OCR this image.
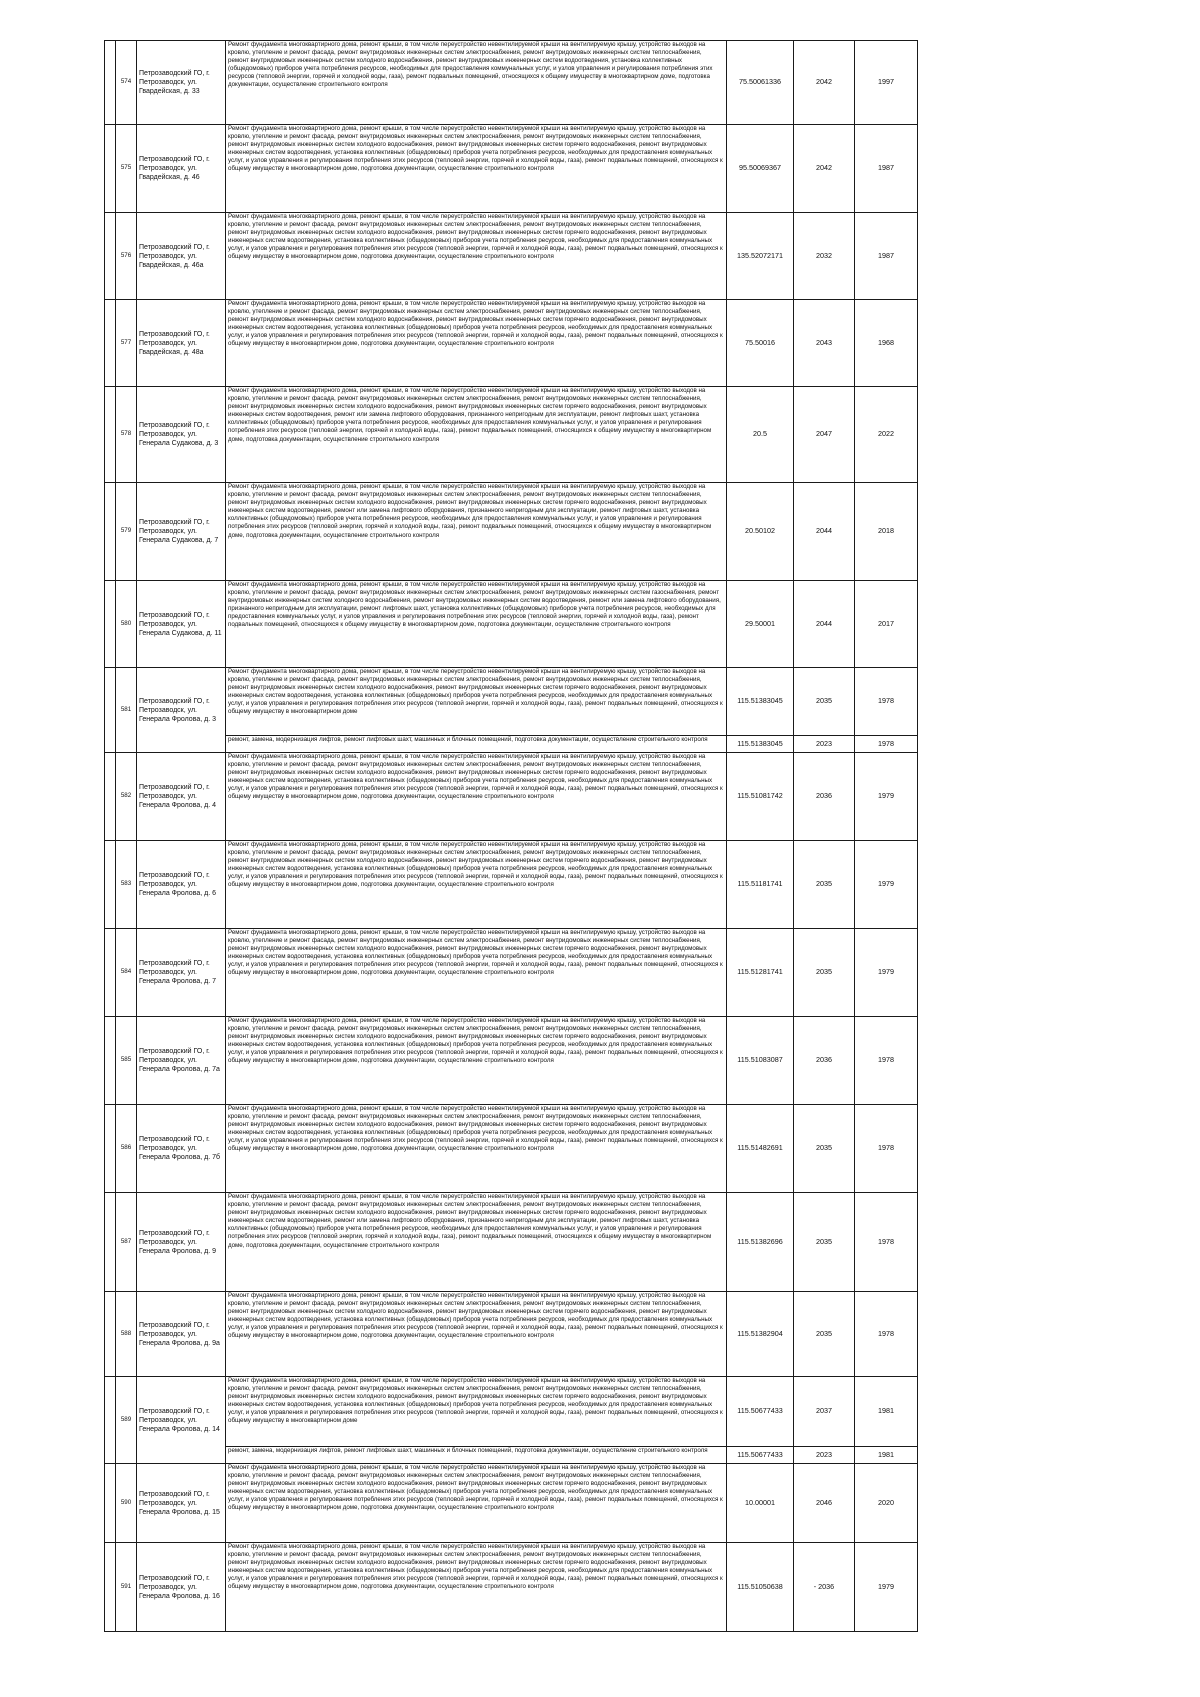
	574	Петрозаводский ГО, г. Петрозаводск, ул. Гвардейская, д. 33	Ремонт фундамента многоквартирного дома, ремонт крыши, в том числе переустройство невентилируемой крыши на вентилируемую крышу, устройство выходов на кровлю, утепление и ремонт фасада, ремонт внутридомовых инженерных систем электроснабжения, ремонт внутридомовых инженерных систем теплоснабжения, ремонт внутридомовых инженерных систем холодного водоснабжения, ремонт внутридомовых инженерных систем водоотведения, установка коллективных (общедомовых) приборов учета потребления ресурсов, необходимых для предоставления коммунальных услуг, и узлов управления и регулирования потребления этих ресурсов (тепловой энергии, горячей и холодной воды, газа), ремонт подвальных помещений, относящихся к общему имуществу в многоквартирном доме, подготовка документации, осуществление строительного контроля	75.50061336	2042	1997
	575	Петрозаводский ГО, г. Петрозаводск, ул. Гвардейская, д. 46	Ремонт фундамента многоквартирного дома, ремонт крыши, в том числе переустройство невентилируемой крыши на вентилируемую крышу, устройство выходов на кровлю, утепление и ремонт фасада, ремонт внутридомовых инженерных систем электроснабжения, ремонт внутридомовых инженерных систем теплоснабжения, ремонт внутридомовых инженерных систем холодного водоснабжения, ремонт внутридомовых инженерных систем горячего водоснабжения, ремонт внутридомовых инженерных систем водоотведения, установка коллективных (общедомовых) приборов учета потребления ресурсов, необходимых для предоставления коммунальных услуг, и узлов управления и регулирования потребления этих ресурсов (тепловой энергии, горячей и холодной воды, газа), ремонт подвальных помещений, относящихся к общему имуществу в многоквартирном доме, подготовка документации, осуществление строительного контроля	95.50069367	2042	1987
	576	Петрозаводский ГО, г. Петрозаводск, ул. Гвардейская, д. 46а	Ремонт фундамента многоквартирного дома, ремонт крыши, в том числе переустройство невентилируемой крыши на вентилируемую крышу, устройство выходов на кровлю, утепление и ремонт фасада, ремонт внутридомовых инженерных систем электроснабжения, ремонт внутридомовых инженерных систем теплоснабжения, ремонт внутридомовых инженерных систем холодного водоснабжения, ремонт внутридомовых инженерных систем горячего водоснабжения, ремонт внутридомовых инженерных систем водоотведения, установка коллективных (общедомовых) приборов учета потребления ресурсов, необходимых для предоставления коммунальных услуг, и узлов управления и регулирования потребления этих ресурсов (тепловой энергии, горячей и холодной воды, газа), ремонт подвальных помещений, относящихся к общему имуществу в многоквартирном доме, подготовка документации, осуществление строительного контроля	135.52072171	2032	1987
	577	Петрозаводский ГО, г. Петрозаводск, ул. Гвардейская, д. 48а	Ремонт фундамента многоквартирного дома, ремонт крыши, в том числе переустройство невентилируемой крыши на вентилируемую крышу, устройство выходов на кровлю, утепление и ремонт фасада, ремонт внутридомовых инженерных систем электроснабжения, ремонт внутридомовых инженерных систем теплоснабжения, ремонт внутридомовых инженерных систем холодного водоснабжения, ремонт внутридомовых инженерных систем горячего водоснабжения, ремонт внутридомовых инженерных систем водоотведения, установка коллективных (общедомовых) приборов учета потребления ресурсов, необходимых для предоставления коммунальных услуг, и узлов управления и регулирования потребления этих ресурсов (тепловой энергии, горячей и холодной воды, газа), ремонт подвальных помещений, относящихся к общему имуществу в многоквартирном доме, подготовка документации, осуществление строительного контроля	75.50016	2043	1968
	578	Петрозаводский ГО, г. Петрозаводск, ул. Генерала Судакова, д. 3	Ремонт фундамента многоквартирного дома, ремонт крыши, в том числе переустройство невентилируемой крыши на вентилируемую крышу, устройство выходов на кровлю, утепление и ремонт фасада, ремонт внутридомовых инженерных систем электроснабжения, ремонт внутридомовых инженерных систем теплоснабжения, ремонт внутридомовых инженерных систем холодного водоснабжения, ремонт внутридомовых инженерных систем горячего водоснабжения, ремонт внутридомовых инженерных систем водоотведения, ремонт или замена лифтового оборудования, признанного непригодным для эксплуатации, ремонт лифтовых шахт, установка коллективных (общедомовых) приборов учета потребления ресурсов, необходимых для предоставления коммунальных услуг, и узлов управления и регулирования потребления этих ресурсов (тепловой энергии, горячей и холодной воды, газа), ремонт подвальных помещений, относящихся к общему имуществу в многоквартирном доме, подготовка документации, осуществление строительного контроля	20.5	2047	2022
	579	Петрозаводский ГО, г. Петрозаводск, ул. Генерала Судакова, д. 7	Ремонт фундамента многоквартирного дома, ремонт крыши, в том числе переустройство невентилируемой крыши на вентилируемую крышу, устройство выходов на кровлю, утепление и ремонт фасада, ремонт внутридомовых инженерных систем электроснабжения, ремонт внутридомовых инженерных систем теплоснабжения, ремонт внутридомовых инженерных систем холодного водоснабжения, ремонт внутридомовых инженерных систем горячего водоснабжения, ремонт внутридомовых инженерных систем водоотведения, ремонт или замена лифтового оборудования, признанного непригодным для эксплуатации, ремонт лифтовых шахт, установка коллективных (общедомовых) приборов учета потребления ресурсов, необходимых для предоставления коммунальных услуг, и узлов управления и регулирования потребления этих ресурсов (тепловой энергии, горячей и холодной воды, газа), ремонт подвальных помещений, относящихся к общему имуществу в многоквартирном доме, подготовка документации, осуществление строительного контроля	20.50102	2044	2018
	580	Петрозаводский ГО, г. Петрозаводск, ул. Генерала Судакова, д. 11	Ремонт фундамента многоквартирного дома, ремонт крыши, в том числе переустройство невентилируемой крыши на вентилируемую крышу, устройство выходов на кровлю, утепление и ремонт фасада, ремонт внутридомовых инженерных систем электроснабжения, ремонт внутридомовых инженерных систем газоснабжения, ремонт внутридомовых инженерных систем холодного водоснабжения, ремонт внутридомовых инженерных систем водоотведения, ремонт или замена лифтового оборудования, признанного непригодным для эксплуатации, ремонт лифтовых шахт, установка коллективных (общедомовых) приборов учета потребления ресурсов, необходимых для предоставления коммунальных услуг, и узлов управления и регулирования потребления этих ресурсов (тепловой энергии, горячей и холодной воды, газа), ремонт подвальных помещений, относящихся к общему имуществу в многоквартирном доме, подготовка документации, осуществление строительного контроля	29.50001	2044	2017
	581	Петрозаводский ГО, г. Петрозаводск, ул. Генерала Фролова, д. 3	Ремонт фундамента многоквартирного дома, ремонт крыши, в том числе переустройство невентилируемой крыши на вентилируемую крышу, устройство выходов на кровлю, утепление и ремонт фасада, ремонт внутридомовых инженерных систем электроснабжения, ремонт внутридомовых инженерных систем теплоснабжения, ремонт внутридомовых инженерных систем холодного водоснабжения, ремонт внутридомовых инженерных систем горячего водоснабжения, ремонт внутридомовых инженерных систем водоотведения, установка коллективных (общедомовых) приборов учета потребления ресурсов, необходимых для предоставления коммунальных услуг, и узлов управления и регулирования потребления этих ресурсов (тепловой энергии, горячей и холодной воды, газа), ремонт подвальных помещений, относящихся к общему имуществу в многоквартирном доме	115.51383045	2035	1978
			ремонт, замена, модернизация лифтов, ремонт лифтовых шахт, машинных и блочных помещений, подготовка документации, осуществление строительного контроля	115.51383045	2023	1978
	582	Петрозаводский ГО, г. Петрозаводск, ул. Генерала Фролова, д. 4	Ремонт фундамента многоквартирного дома, ремонт крыши, в том числе переустройство невентилируемой крыши на вентилируемую крышу, устройство выходов на кровлю, утепление и ремонт фасада, ремонт внутридомовых инженерных систем электроснабжения, ремонт внутридомовых инженерных систем теплоснабжения, ремонт внутридомовых инженерных систем холодного водоснабжения, ремонт внутридомовых инженерных систем горячего водоснабжения, ремонт внутридомовых инженерных систем водоотведения, установка коллективных (общедомовых) приборов учета потребления ресурсов, необходимых для предоставления коммунальных услуг, и узлов управления и регулирования потребления этих ресурсов (тепловой энергии, горячей и холодной воды, газа), ремонт подвальных помещений, относящихся к общему имуществу в многоквартирном доме, подготовка документации, осуществление строительного контроля	115.51081742	2036	1979
	583	Петрозаводский ГО, г. Петрозаводск, ул. Генерала Фролова, д. 6	Ремонт фундамента многоквартирного дома, ремонт крыши, в том числе переустройство невентилируемой крыши на вентилируемую крышу, устройство выходов на кровлю, утепление и ремонт фасада, ремонт внутридомовых инженерных систем электроснабжения, ремонт внутридомовых инженерных систем теплоснабжения, ремонт внутридомовых инженерных систем холодного водоснабжения, ремонт внутридомовых инженерных систем горячего водоснабжения, ремонт внутридомовых инженерных систем водоотведения, установка коллективных (общедомовых) приборов учета потребления ресурсов, необходимых для предоставления коммунальных услуг, и узлов управления и регулирования потребления этих ресурсов (тепловой энергии, горячей и холодной воды, газа), ремонт подвальных помещений, относящихся к общему имуществу в многоквартирном доме, подготовка документации, осуществление строительного контроля	115.51181741	2035	1979
	584	Петрозаводский ГО, г. Петрозаводск, ул. Генерала Фролова, д. 7	Ремонт фундамента многоквартирного дома, ремонт крыши, в том числе переустройство невентилируемой крыши на вентилируемую крышу, устройство выходов на кровлю, утепление и ремонт фасада, ремонт внутридомовых инженерных систем электроснабжения, ремонт внутридомовых инженерных систем теплоснабжения, ремонт внутридомовых инженерных систем холодного водоснабжения, ремонт внутридомовых инженерных систем горячего водоснабжения, ремонт внутридомовых инженерных систем водоотведения, установка коллективных (общедомовых) приборов учета потребления ресурсов, необходимых для предоставления коммунальных услуг, и узлов управления и регулирования потребления этих ресурсов (тепловой энергии, горячей и холодной воды, газа), ремонт подвальных помещений, относящихся к общему имуществу в многоквартирном доме, подготовка документации, осуществление строительного контроля	115.51281741	2035	1979
	585	Петрозаводский ГО, г. Петрозаводск, ул. Генерала Фролова, д. 7а	Ремонт фундамента многоквартирного дома, ремонт крыши, в том числе переустройство невентилируемой крыши на вентилируемую крышу, устройство выходов на кровлю, утепление и ремонт фасада, ремонт внутридомовых инженерных систем электроснабжения, ремонт внутридомовых инженерных систем теплоснабжения, ремонт внутридомовых инженерных систем холодного водоснабжения, ремонт внутридомовых инженерных систем горячего водоснабжения, ремонт внутридомовых инженерных систем водоотведения, установка коллективных (общедомовых) приборов учета потребления ресурсов, необходимых для предоставления коммунальных услуг, и узлов управления и регулирования потребления этих ресурсов (тепловой энергии, горячей и холодной воды, газа), ремонт подвальных помещений, относящихся к общему имуществу в многоквартирном доме, подготовка документации, осуществление строительного контроля	115.51083087	2036	1978
	586	Петрозаводский ГО, г. Петрозаводск, ул. Генерала Фролова, д. 7б	Ремонт фундамента многоквартирного дома, ремонт крыши, в том числе переустройство невентилируемой крыши на вентилируемую крышу, устройство выходов на кровлю, утепление и ремонт фасада, ремонт внутридомовых инженерных систем электроснабжения, ремонт внутридомовых инженерных систем теплоснабжения, ремонт внутридомовых инженерных систем холодного водоснабжения, ремонт внутридомовых инженерных систем горячего водоснабжения, ремонт внутридомовых инженерных систем водоотведения, установка коллективных (общедомовых) приборов учета потребления ресурсов, необходимых для предоставления коммунальных услуг, и узлов управления и регулирования потребления этих ресурсов (тепловой энергии, горячей и холодной воды, газа), ремонт подвальных помещений, относящихся к общему имуществу в многоквартирном доме, подготовка документации, осуществление строительного контроля	115.51482691	2035	1978
	587	Петрозаводский ГО, г. Петрозаводск, ул. Генерала Фролова, д. 9	Ремонт фундамента многоквартирного дома, ремонт крыши, в том числе переустройство невентилируемой крыши на вентилируемую крышу, устройство выходов на кровлю, утепление и ремонт фасада, ремонт внутридомовых инженерных систем электроснабжения, ремонт внутридомовых инженерных систем теплоснабжения, ремонт внутридомовых инженерных систем холодного водоснабжения, ремонт внутридомовых инженерных систем горячего водоснабжения, ремонт внутридомовых инженерных систем водоотведения, ремонт или замена лифтового оборудования, признанного непригодным для эксплуатации, ремонт лифтовых шахт, установка коллективных (общедомовых) приборов учета потребления ресурсов, необходимых для предоставления коммунальных услуг, и узлов управления и регулирования потребления этих ресурсов (тепловой энергии, горячей и холодной воды, газа), ремонт подвальных помещений, относящихся к общему имуществу в многоквартирном доме, подготовка документации, осуществление строительного контроля	115.51382696	2035	1978
	588	Петрозаводский ГО, г. Петрозаводск, ул. Генерала Фролова, д. 9а	Ремонт фундамента многоквартирного дома, ремонт крыши, в том числе переустройство невентилируемой крыши на вентилируемую крышу, устройство выходов на кровлю, утепление и ремонт фасада, ремонт внутридомовых инженерных систем электроснабжения, ремонт внутридомовых инженерных систем теплоснабжения, ремонт внутридомовых инженерных систем холодного водоснабжения, ремонт внутридомовых инженерных систем горячего водоснабжения, ремонт внутридомовых инженерных систем водоотведения, установка коллективных (общедомовых) приборов учета потребления ресурсов, необходимых для предоставления коммунальных услуг, и узлов управления и регулирования потребления этих ресурсов (тепловой энергии, горячей и холодной воды, газа), ремонт подвальных помещений, относящихся к общему имуществу в многоквартирном доме, подготовка документации, осуществление строительного контроля	115.51382904	2035	1978
	589	Петрозаводский ГО, г. Петрозаводск, ул. Генерала Фролова, д. 14	Ремонт фундамента многоквартирного дома, ремонт крыши, в том числе переустройство невентилируемой крыши на вентилируемую крышу, устройство выходов на кровлю, утепление и ремонт фасада, ремонт внутридомовых инженерных систем электроснабжения, ремонт внутридомовых инженерных систем теплоснабжения, ремонт внутридомовых инженерных систем холодного водоснабжения, ремонт внутридомовых инженерных систем горячего водоснабжения, ремонт внутридомовых инженерных систем водоотведения, установка коллективных (общедомовых) приборов учета потребления ресурсов, необходимых для предоставления коммунальных услуг, и узлов управления и регулирования потребления этих ресурсов (тепловой энергии, горячей и холодной воды, газа), ремонт подвальных помещений, относящихся к общему имуществу в многоквартирном доме	115.50677433	2037	1981
			ремонт, замена, модернизация лифтов, ремонт лифтовых шахт, машинных и блочных помещений, подготовка документации, осуществление строительного контроля	115.50677433	2023	1981
	590	Петрозаводский ГО, г. Петрозаводск, ул. Генерала Фролова, д. 15	Ремонт фундамента многоквартирного дома, ремонт крыши, в том числе переустройство невентилируемой крыши на вентилируемую крышу, устройство выходов на кровлю, утепление и ремонт фасада, ремонт внутридомовых инженерных систем электроснабжения, ремонт внутридомовых инженерных систем теплоснабжения, ремонт внутридомовых инженерных систем холодного водоснабжения, ремонт внутридомовых инженерных систем горячего водоснабжения, ремонт внутридомовых инженерных систем водоотведения, установка коллективных (общедомовых) приборов учета потребления ресурсов, необходимых для предоставления коммунальных услуг, и узлов управления и регулирования потребления этих ресурсов (тепловой энергии, горячей и холодной воды, газа), ремонт подвальных помещений, относящихся к общему имуществу в многоквартирном доме, подготовка документации, осуществление строительного контроля	10.00001	2046	2020
	591	Петрозаводский ГО, г. Петрозаводск, ул. Генерала Фролова, д. 16	Ремонт фундамента многоквартирного дома, ремонт крыши, в том числе переустройство невентилируемой крыши на вентилируемую крышу, устройство выходов на кровлю, утепление и ремонт фасада, ремонт внутридомовых инженерных систем электроснабжения, ремонт внутридомовых инженерных систем теплоснабжения, ремонт внутридомовых инженерных систем холодного водоснабжения, ремонт внутридомовых инженерных систем горячего водоснабжения, ремонт внутридомовых инженерных систем водоотведения, установка коллективных (общедомовых) приборов учета потребления ресурсов, необходимых для предоставления коммунальных услуг, и узлов управления и регулирования потребления этих ресурсов (тепловой энергии, горячей и холодной воды, газа), ремонт подвальных помещений, относящихся к общему имуществу в многоквартирном доме, подготовка документации, осуществление строительного контроля	115.51050638	- 2036	1979
